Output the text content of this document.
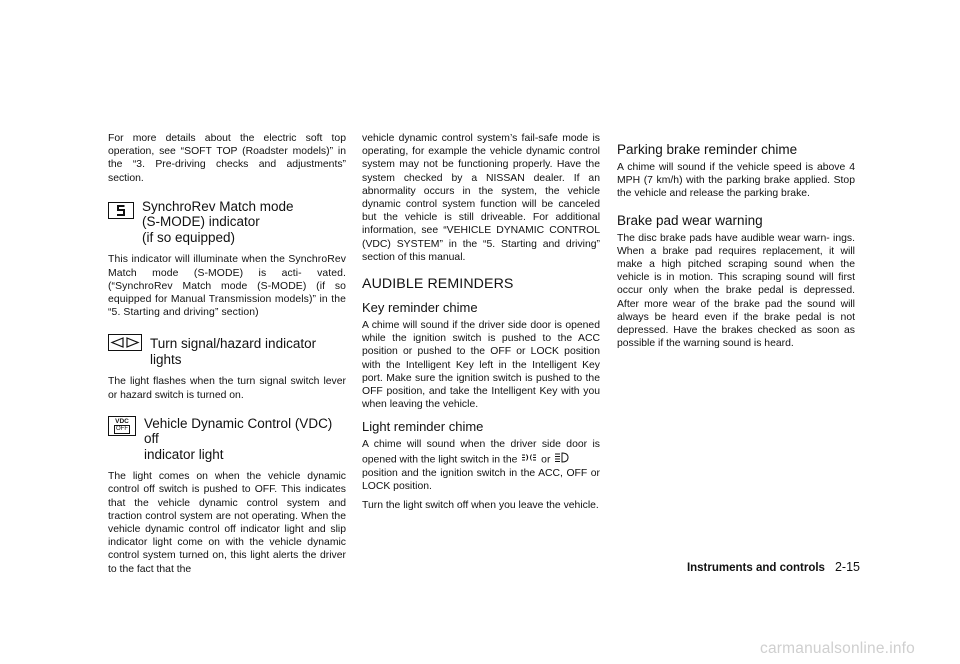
For more details about the electric soft top operation, see “SOFT TOP (Roadster models)” in the “3. Pre-driving checks and adjustments” section.

SynchroRev Match mode
(S-MODE) indicator
(if so equipped)

This indicator will illuminate when the SynchroRev Match mode (S-MODE) is acti- vated. (“SynchroRev Match mode (S-MODE) (if so equipped for Manual Transmission models)” in the “5. Starting and driving” section)

Turn signal/hazard indicator lights

The light flashes when the turn signal switch lever or hazard switch is turned on.

VDC
OFF Vehicle Dynamic Control (VDC) off
indicator light

The light comes on when the vehicle dynamic control off switch is pushed to OFF. This indicates that the vehicle dynamic control system and traction control system are not operating. When the vehicle dynamic control off indicator light and slip indicator light come on with the vehicle dynamic control system turned on, this light alerts the driver to the fact that the

vehicle dynamic control system’s fail-safe mode is operating, for example the vehicle dynamic control system may not be functioning properly. Have the system checked by a NISSAN dealer. If an abnormality occurs in the system, the vehicle dynamic control system function will be canceled but the vehicle is still driveable. For additional information, see “VEHICLE DYNAMIC CONTROL (VDC) SYSTEM” in the “5. Starting and driving” section of this manual.

AUDIBLE REMINDERS
Key reminder chime

A chime will sound if the driver side door is opened while the ignition switch is pushed to the ACC position or pushed to the OFF or LOCK position with the Intelligent Key left in the Intelligent Key port. Make sure the ignition switch is pushed to the OFF position, and take the Intelligent Key with you when leaving the vehicle.

Light reminder chime

A chime will sound when the driver side door is opened with the light switch in the or
position and the ignition switch in the ACC, OFF or LOCK position.

Turn the light switch off when you leave the vehicle.

Parking brake reminder chime

A chime will sound if the vehicle speed is above 4 MPH (7 km/h) with the parking brake applied. Stop the vehicle and release the parking brake.

Brake pad wear warning

The disc brake pads have audible wear warn- ings. When a brake pad requires replacement, it will make a high pitched scraping sound when the vehicle is in motion. This scraping sound will first occur only when the brake pedal is depressed. After more wear of the brake pad the sound will always be heard even if the brake pedal is not depressed. Have the brakes checked as soon as possible if the warning sound is heard.

Instruments and controls 2-15
carmanualsonline.info
